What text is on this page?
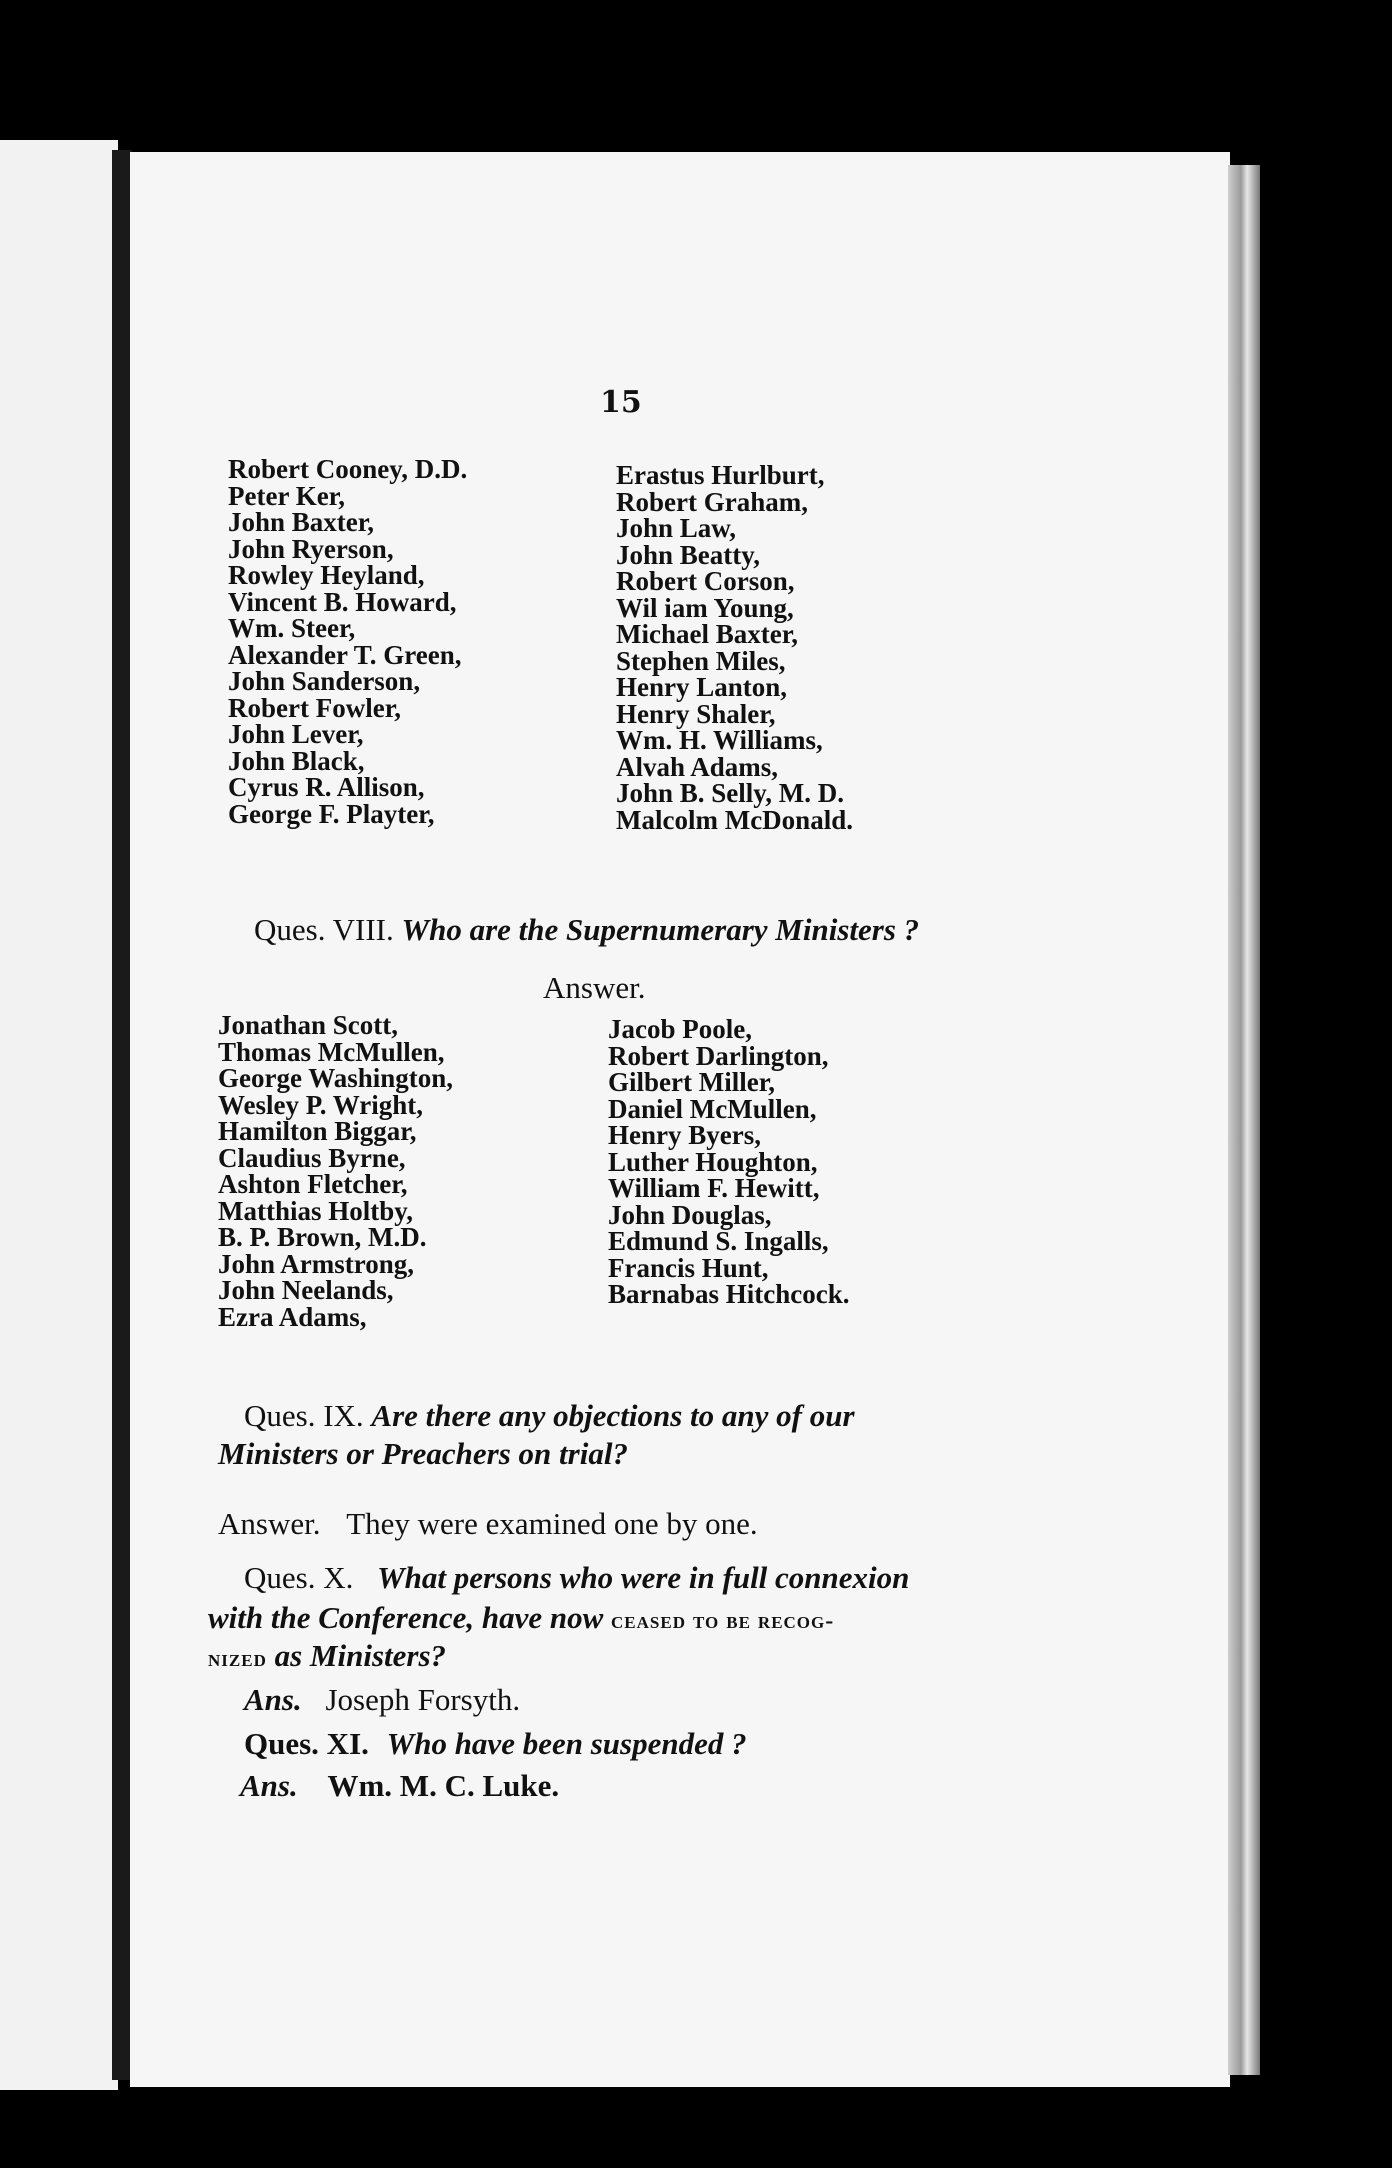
15
Robert Cooney, D.D.
Peter Ker,
John Baxter,
John Ryerson,
Rowley Heyland,
Vincent B. Howard,
Wm. Steer,
Alexander T. Green,
John Sanderson,
Robert Fowler,
John Lever,
John Black,
Cyrus R. Allison,
George F. Playter,
Erastus Hurlburt,
Robert Graham,
John Law,
John Beatty,
Robert Corson,
Wil iam Young,
Michael Baxter,
Stephen Miles,
Henry Lanton,
Henry Shaler,
Wm. H. Williams,
Alvah Adams,
John B. Selly, M. D.
Malcolm McDonald.
Ques. VIII. Who are the Supernumerary Ministers ?
Answer.
Jonathan Scott,
Thomas McMullen,
George Washington,
Wesley P. Wright,
Hamilton Biggar,
Claudius Byrne,
Ashton Fletcher,
Matthias Holtby,
B. P. Brown, M.D.
John Armstrong,
John Neelands,
Ezra Adams,
Jacob Poole,
Robert Darlington,
Gilbert Miller,
Daniel McMullen,
Henry Byers,
Luther Houghton,
William F. Hewitt,
John Douglas,
Edmund S. Ingalls,
Francis Hunt,
Barnabas Hitchcock.
Ques. IX. Are there any objections to any of our
Ministers or Preachers on trial?
Answer. They were examined one by one.
Ques. X. What persons who were in full connexion
with the Conference, have now ceased to be recog-
nized as Ministers?
Ans. Joseph Forsyth.
Ques. XI. Who have been suspended ?
Ans. Wm. M. C. Luke.
